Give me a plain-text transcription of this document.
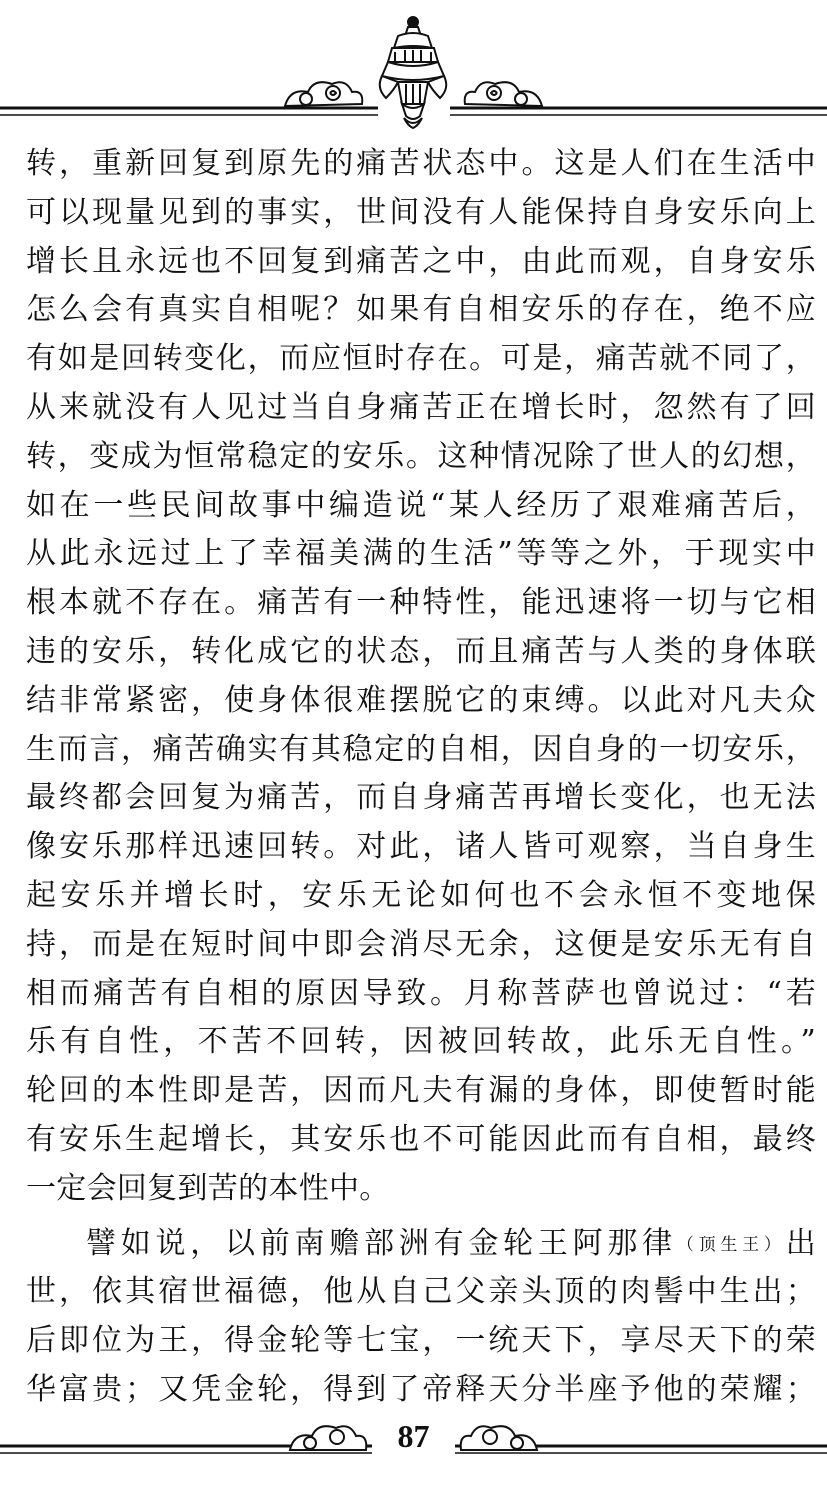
转，重新回复到原先的痛苦状态中。这是人们在生活中
可以现量见到的事实，世间没有人能保持自身安乐向上
增长且永远也不回复到痛苦之中，由此而观，自身安乐
怎么会有真实自相呢？如果有自相安乐的存在，绝不应
有如是回转变化，而应恒时存在。可是，痛苦就不同了，
从来就没有人见过当自身痛苦正在增长时，忽然有了回
转，变成为恒常稳定的安乐。这种情况除了世人的幻想，
如在一些民间故事中编造说“某人经历了艰难痛苦后，
从此永远过上了幸福美满的生活”等等之外，于现实中
根本就不存在。痛苦有一种特性，能迅速将一切与它相
违的安乐，转化成它的状态，而且痛苦与人类的身体联
结非常紧密，使身体很难摆脱它的束缚。以此对凡夫众
生而言，痛苦确实有其稳定的自相，因自身的一切安乐，
最终都会回复为痛苦，而自身痛苦再增长变化，也无法
像安乐那样迅速回转。对此，诸人皆可观察，当自身生
起安乐并增长时，安乐无论如何也不会永恒不变地保
持，而是在短时间中即会消尽无余，这便是安乐无有自
相而痛苦有自相的原因导致。月称菩萨也曾说过：“若
乐有自性，不苦不回转，因被回转故，此乐无自性。”
轮回的本性即是苦，因而凡夫有漏的身体，即使暂时能
有安乐生起增长，其安乐也不可能因此而有自相，最终
一定会回复到苦的本性中。
譬如说，以前南赡部洲有金轮王阿那律（顶生王）出
世，依其宿世福德，他从自己父亲头顶的肉髻中生出；
后即位为王，得金轮等七宝，一统天下，享尽天下的荣
华富贵；又凭金轮，得到了帝释天分半座予他的荣耀；
87
